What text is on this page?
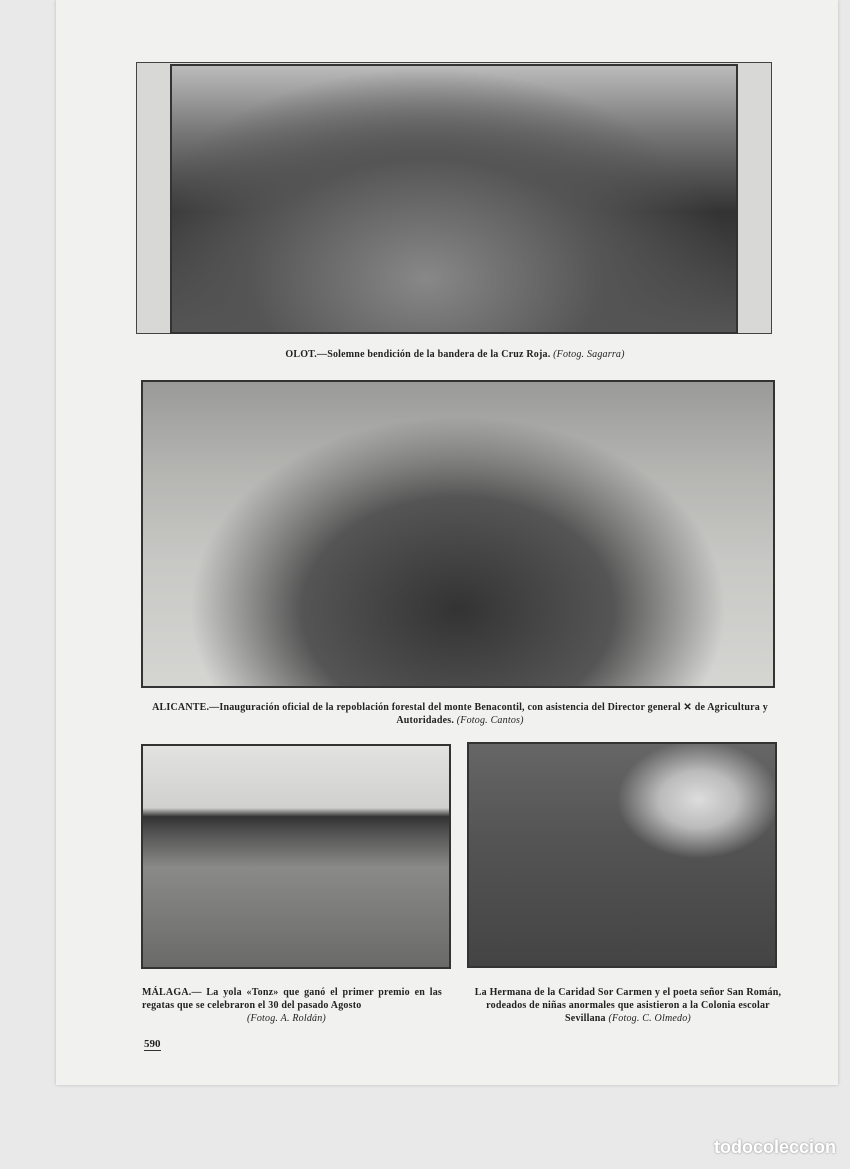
OLOT.—Solemne bendición de la bandera de la Cruz Roja. (Fotog. Sagarra)
ALICANTE.—Inauguración oficial de la repoblación forestal del monte Benacontil, con asistencia del Director general ✕ de Agricultura y Autoridades. (Fotog. Cantos)
MÁLAGA.— La yola «Tonz» que ganó el primer premio en las regatas que se celebraron el 30 del pasado Agosto
(Fotog. A. Roldán)
La Hermana de la Caridad Sor Carmen y el poeta señor San Román, rodeados de niñas anormales que asistieron a la Colonia escolar Sevillana (Fotog. C. Olmedo)
590
todocoleccion
